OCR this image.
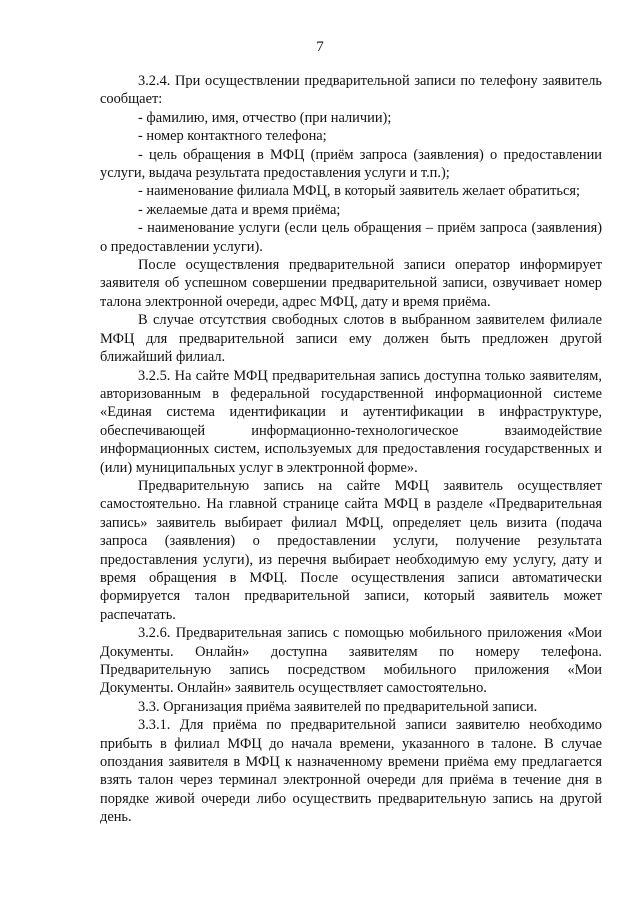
7

3.2.4. При осуществлении предварительной записи по телефону заявитель сообщает:

- фамилию, имя, отчество (при наличии);

- номер контактного телефона;

- цель обращения в МФЦ (приём запроса (заявления) о предоставлении услуги, выдача результата предоставления услуги и т.п.);

- наименование филиала МФЦ, в который заявитель желает обратиться;

- желаемые дата и время приёма;

- наименование услуги (если цель обращения – приём запроса (заявления) о предоставлении услуги).

После осуществления предварительной записи оператор информирует заявителя об успешном совершении предварительной записи, озвучивает номер талона электронной очереди, адрес МФЦ, дату и время приёма.

В случае отсутствия свободных слотов в выбранном заявителем филиале МФЦ для предварительной записи ему должен быть предложен другой ближайший филиал.

3.2.5. На сайте МФЦ предварительная запись доступна только заявителям, авторизованным в федеральной государственной информационной системе «Единая система идентификации и аутентификации в инфраструктуре, обеспечивающей информационно-технологическое взаимодействие информационных систем, используемых для предоставления государственных и (или) муниципальных услуг в электронной форме».

Предварительную запись на сайте МФЦ заявитель осуществляет самостоятельно. На главной странице сайта МФЦ в разделе «Предварительная запись» заявитель выбирает филиал МФЦ, определяет цель визита (подача запроса (заявления) о предоставлении услуги, получение результата предоставления услуги), из перечня выбирает необходимую ему услугу, дату и время обращения в МФЦ. После осуществления записи автоматически формируется талон предварительной записи, который заявитель может распечатать.

3.2.6. Предварительная запись с помощью мобильного приложения «Мои Документы. Онлайн» доступна заявителям по номеру телефона. Предварительную запись посредством мобильного приложения «Мои Документы. Онлайн» заявитель осуществляет самостоятельно.

3.3. Организация приёма заявителей по предварительной записи.

3.3.1. Для приёма по предварительной записи заявителю необходимо прибыть в филиал МФЦ до начала времени, указанного в талоне. В случае опоздания заявителя в МФЦ к назначенному времени приёма ему предлагается взять талон через терминал электронной очереди для приёма в течение дня в порядке живой очереди либо осуществить предварительную запись на другой день.
